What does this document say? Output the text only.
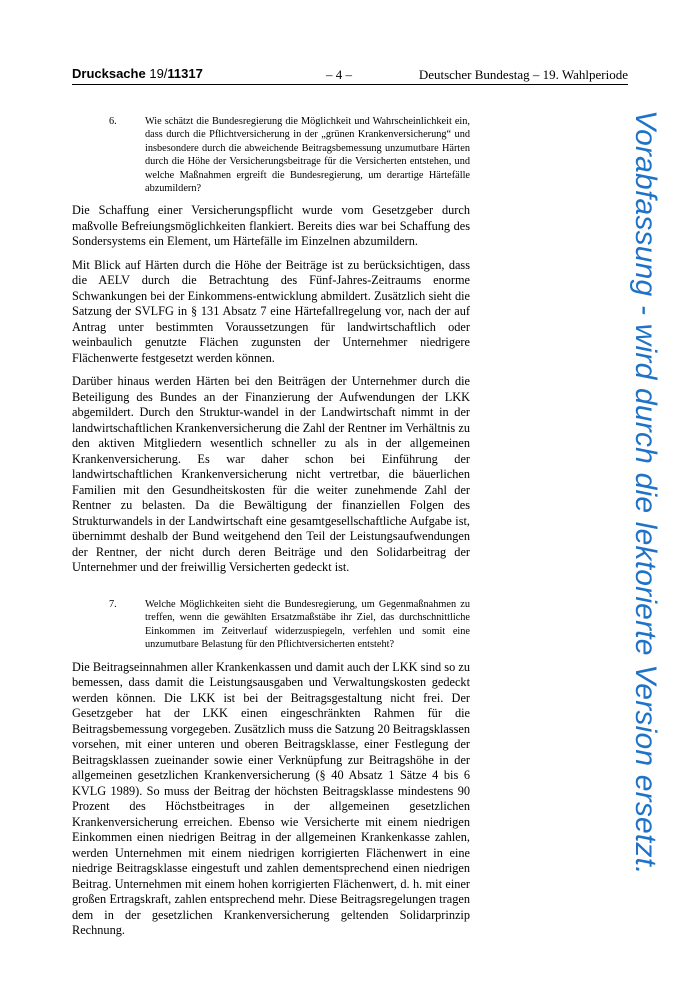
Drucksache 19/11317	– 4 –	Deutscher Bundestag – 19. Wahlperiode
6.	Wie schätzt die Bundesregierung die Möglichkeit und Wahrscheinlichkeit ein, dass durch die Pflichtversicherung in der „grünen Krankenversicherung“ und insbesondere durch die abweichende Beitragsbemessung unzumutbare Härten durch die Höhe der Versicherungsbeitrage für die Versicherten entstehen, und welche Maßnahmen ergreift die Bundesregierung, um derartige Härtefälle abzumildern?

Die Schaffung einer Versicherungspflicht wurde vom Gesetzgeber durch maßvolle Befreiungsmöglichkeiten flankiert. Bereits dies war bei Schaffung des Sondersystems ein Element, um Härtefälle im Einzelnen abzumildern.

Mit Blick auf Härten durch die Höhe der Beiträge ist zu berücksichtigen, dass die AELV durch die Betrachtung des Fünf-Jahres-Zeitraums enorme Schwankungen bei der Einkommens-entwicklung abmildert. Zusätzlich sieht die Satzung der SVLFG in § 131 Absatz 7 eine Härtefallregelung vor, nach der auf Antrag unter bestimmten Voraussetzungen für landwirtschaftlich oder weinbaulich genutzte Flächen zugunsten der Unternehmer niedrigere Flächenwerte festgesetzt werden können.

Darüber hinaus werden Härten bei den Beiträgen der Unternehmer durch die Beteiligung des Bundes an der Finanzierung der Aufwendungen der LKK abgemildert. Durch den Struktur-wandel in der Landwirtschaft nimmt in der landwirtschaftlichen Krankenversicherung die Zahl der Rentner im Verhältnis zu den aktiven Mitgliedern wesentlich schneller zu als in der allgemeinen Krankenversicherung. Es war daher schon bei Einführung der landwirtschaftlichen Krankenversicherung nicht vertretbar, die bäuerlichen Familien mit den Gesundheitskosten für die weiter zunehmende Zahl der Rentner zu belasten. Da die Bewältigung der finanziellen Folgen des Strukturwandels in der Landwirtschaft eine gesamtgesellschaftliche Aufgabe ist, übernimmt deshalb der Bund weitgehend den Teil der Leistungsaufwendungen der Rentner, der nicht durch deren Beiträge und den Solidarbeitrag der Unternehmer und der freiwillig Versicherten gedeckt ist.

7.	Welche Möglichkeiten sieht die Bundesregierung, um Gegenmaßnahmen zu treffen, wenn die gewählten Ersatzmaßstäbe ihr Ziel, das durchschnittliche Einkommen im Zeitverlauf widerzuspiegeln, verfehlen und somit eine unzumutbare Belastung für den Pflichtversicherten entsteht?

Die Beitragseinnahmen aller Krankenkassen und damit auch der LKK sind so zu bemessen, dass damit die Leistungsausgaben und Verwaltungskosten gedeckt werden können. Die LKK ist bei der Beitragsgestaltung nicht frei. Der Gesetzgeber hat der LKK einen eingeschränkten Rahmen für die Beitragsbemessung vorgegeben. Zusätzlich muss die Satzung 20 Beitragsklassen vorsehen, mit einer unteren und oberen Beitragsklasse, einer Festlegung der Beitragsklassen zueinander sowie einer Verknüpfung zur Beitragshöhe in der allgemeinen gesetzlichen Krankenversicherung (§ 40 Absatz 1 Sätze 4 bis 6 KVLG 1989). So muss der Beitrag der höchsten Beitragsklasse mindestens 90 Prozent des Höchstbeitrages in der allgemeinen gesetzlichen Krankenversicherung erreichen. Ebenso wie Versicherte mit einem niedrigen Einkommen einen niedrigen Beitrag in der allgemeinen Krankenkasse zahlen, werden Unternehmen mit einem niedrigen korrigierten Flächenwert in eine niedrige Beitragsklasse eingestuft und zahlen dementsprechend einen niedrigen Beitrag. Unternehmen mit einem hohen korrigierten Flächenwert, d. h. mit einer großen Ertragskraft, zahlen entsprechend mehr. Diese Beitragsregelungen tragen dem in der gesetzlichen Krankenversicherung geltenden Solidarprinzip Rechnung.

Vorabfassung - wird durch die lektorierte Version ersetzt.
